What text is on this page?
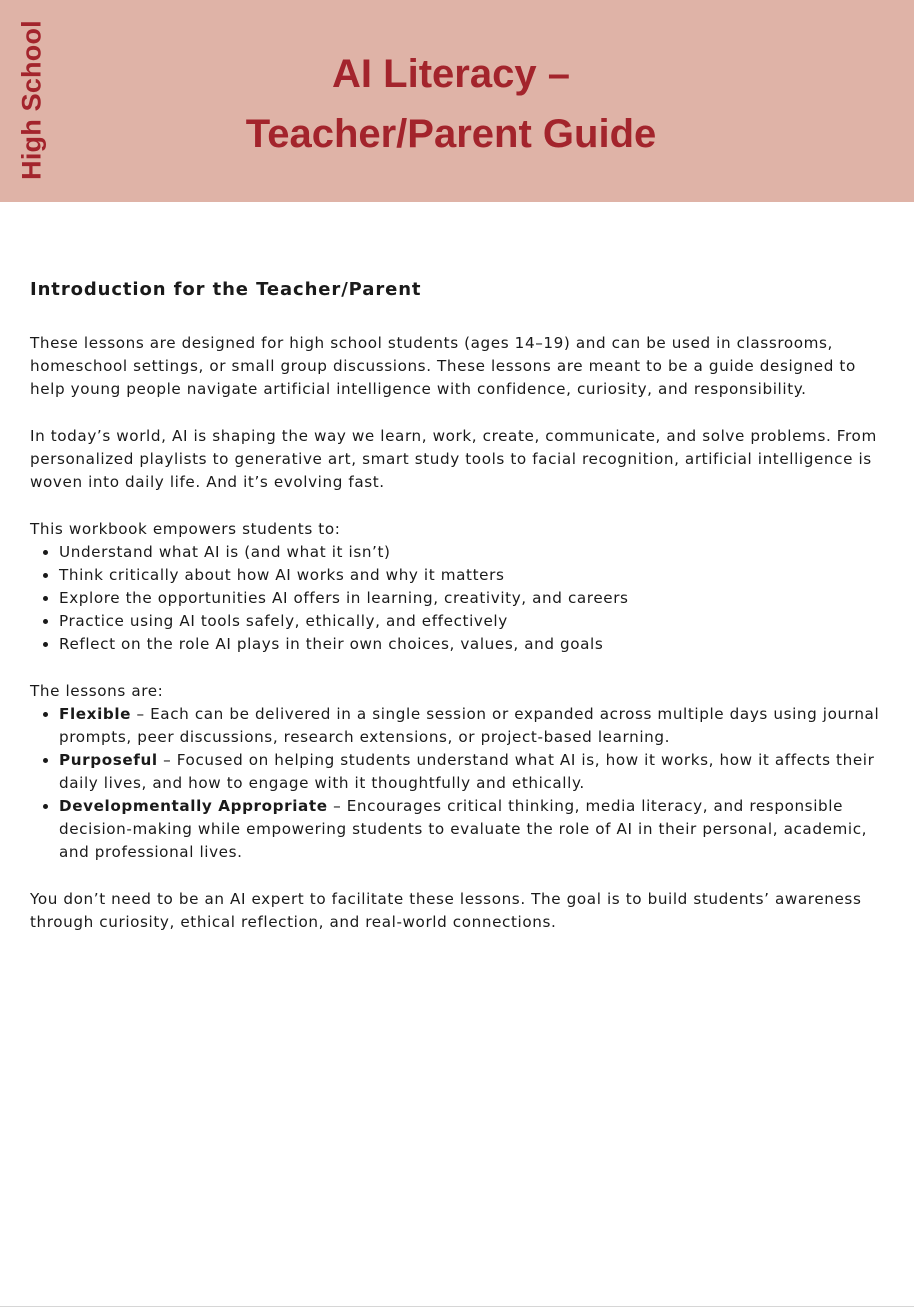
High School	AI Literacy –
Teacher/Parent Guide
Introduction for the Teacher/Parent

These lessons are designed for high school students (ages 14–19) and can be used in classrooms, homeschool settings, or small group discussions. These lessons are meant to be a guide designed to help young people navigate artificial intelligence with confidence, curiosity, and responsibility.

In today’s world, AI is shaping the way we learn, work, create, communicate, and solve problems. From personalized playlists to generative art, smart study tools to facial recognition, artificial intelligence is woven into daily life. And it’s evolving fast.

This workbook empowers students to:

• Understand what AI is (and what it isn’t)
• Think critically about how AI works and why it matters
• Explore the opportunities AI offers in learning, creativity, and careers
• Practice using AI tools safely, ethically, and effectively
• Reflect on the role AI plays in their own choices, values, and goals

The lessons are:

• Flexible – Each can be delivered in a single session or expanded across multiple days using journal prompts, peer discussions, research extensions, or project-based learning.
• Purposeful – Focused on helping students understand what AI is, how it works, how it affects their daily lives, and how to engage with it thoughtfully and ethically.
• Developmentally Appropriate – Encourages critical thinking, media literacy, and responsible decision-making while empowering students to evaluate the role of AI in their personal, academic, and professional lives.

You don’t need to be an AI expert to facilitate these lessons. The goal is to build students’ awareness through curiosity, ethical reflection, and real-world connections.
